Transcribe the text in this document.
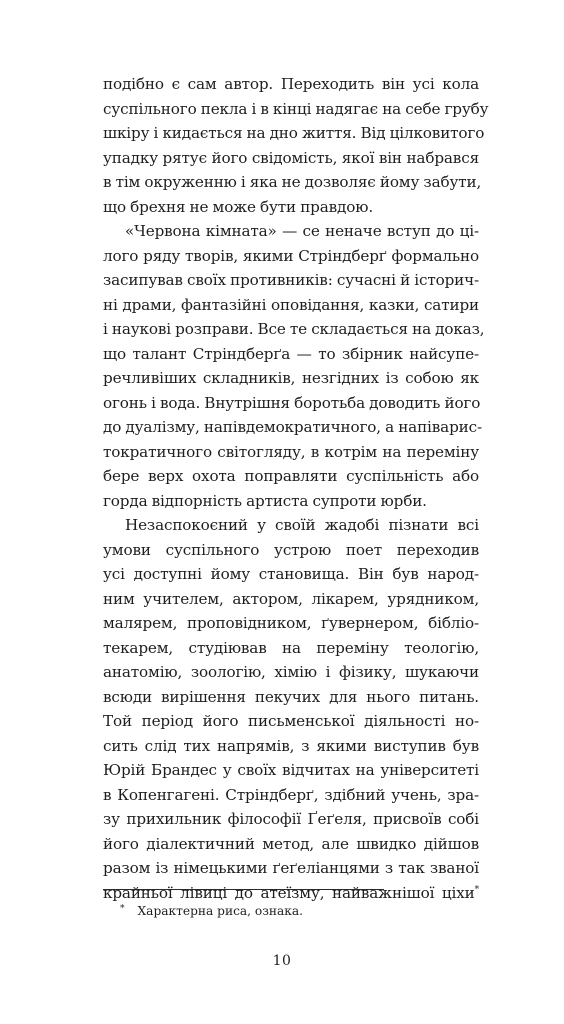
подібно є сам автор. Переходить він усі кола
суспільного пекла і в кінці надягає на себе грубу
шкіру і кидається на дно життя. Від цілковитого
упадку рятує його свідомість, якої він набрався
в тім окруженню і яка не дозволяє йому забути,
що брехня не може бути правдою.
«Червона кімната» — се неначе вступ до ці-
лого ряду творів, якими Стріндберґ формально
засипував своїх противників: сучасні й історич-
ні драми, фантазійні оповідання, казки, сатири
і наукові розправи. Все те складається на доказ,
що талант Стріндберґа — то збірник найсупе-
речливіших складників, незгідних із собою як
огонь і вода. Внутрішня боротьба доводить його
до дуалізму, напівдемократичного, а напіварис-
тократичного світогляду, в котрім на переміну
бере верх охота поправляти суспільність або
горда відпорність артиста супроти юрби.
Незаспокоєний у своїй жадобі пізнати всі
умови суспільного устрою поет переходив
усі доступні йому становища. Він був народ-
ним учителем, актором, лікарем, урядником,
малярем, проповідником, ґувернером, бібліо-
текарем, студіював на переміну теологію,
анатомію, зоологію, хімію і фізику, шукаючи
всюди вирішення пекучих для нього питань.
Той період його письменської діяльності но-
сить слід тих напрямів, з якими виступив був
Юрій Брандес у своїх відчитах на університеті
в Копенгагені. Стріндберґ, здібний учень, зра-
зу прихильник філософії Ґеґеля, присвоїв собі
його діалектичний метод, але швидко дійшов
разом із німецькими ґеґеліанцями з так званої
крайньої лівиці до атеїзму, найважнішої ціхи*
* Характерна риса, ознака.
10
